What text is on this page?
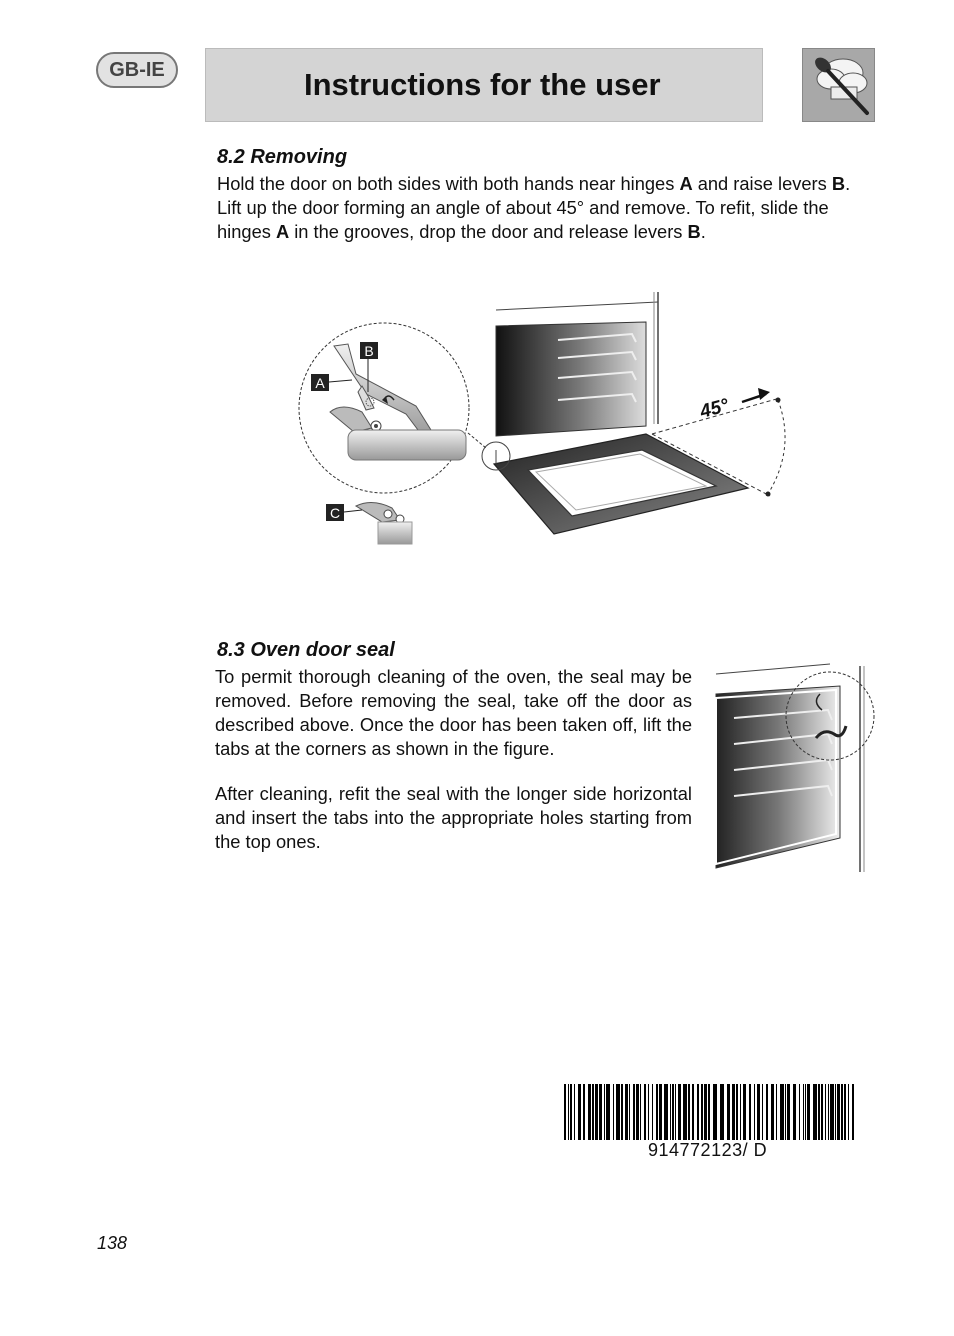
GB-IE	Instructions for the user
8.2 Removing

Hold the door on both sides with both hands near hinges A and raise levers B. Lift up the door forming an angle of about 45° and remove. To refit, slide the hinges A in the grooves, drop the door and release levers B.

B
A
C
45°
8.3 Oven door seal

To permit thorough cleaning of the oven, the seal may be removed. Before removing the seal, take off the door as described above. Once the door has been taken off, lift the tabs at the corners as shown in the figure.

After cleaning, refit the seal with the longer side horizontal and insert the tabs into the appropriate holes starting from the top ones.

914772123/ D
138
